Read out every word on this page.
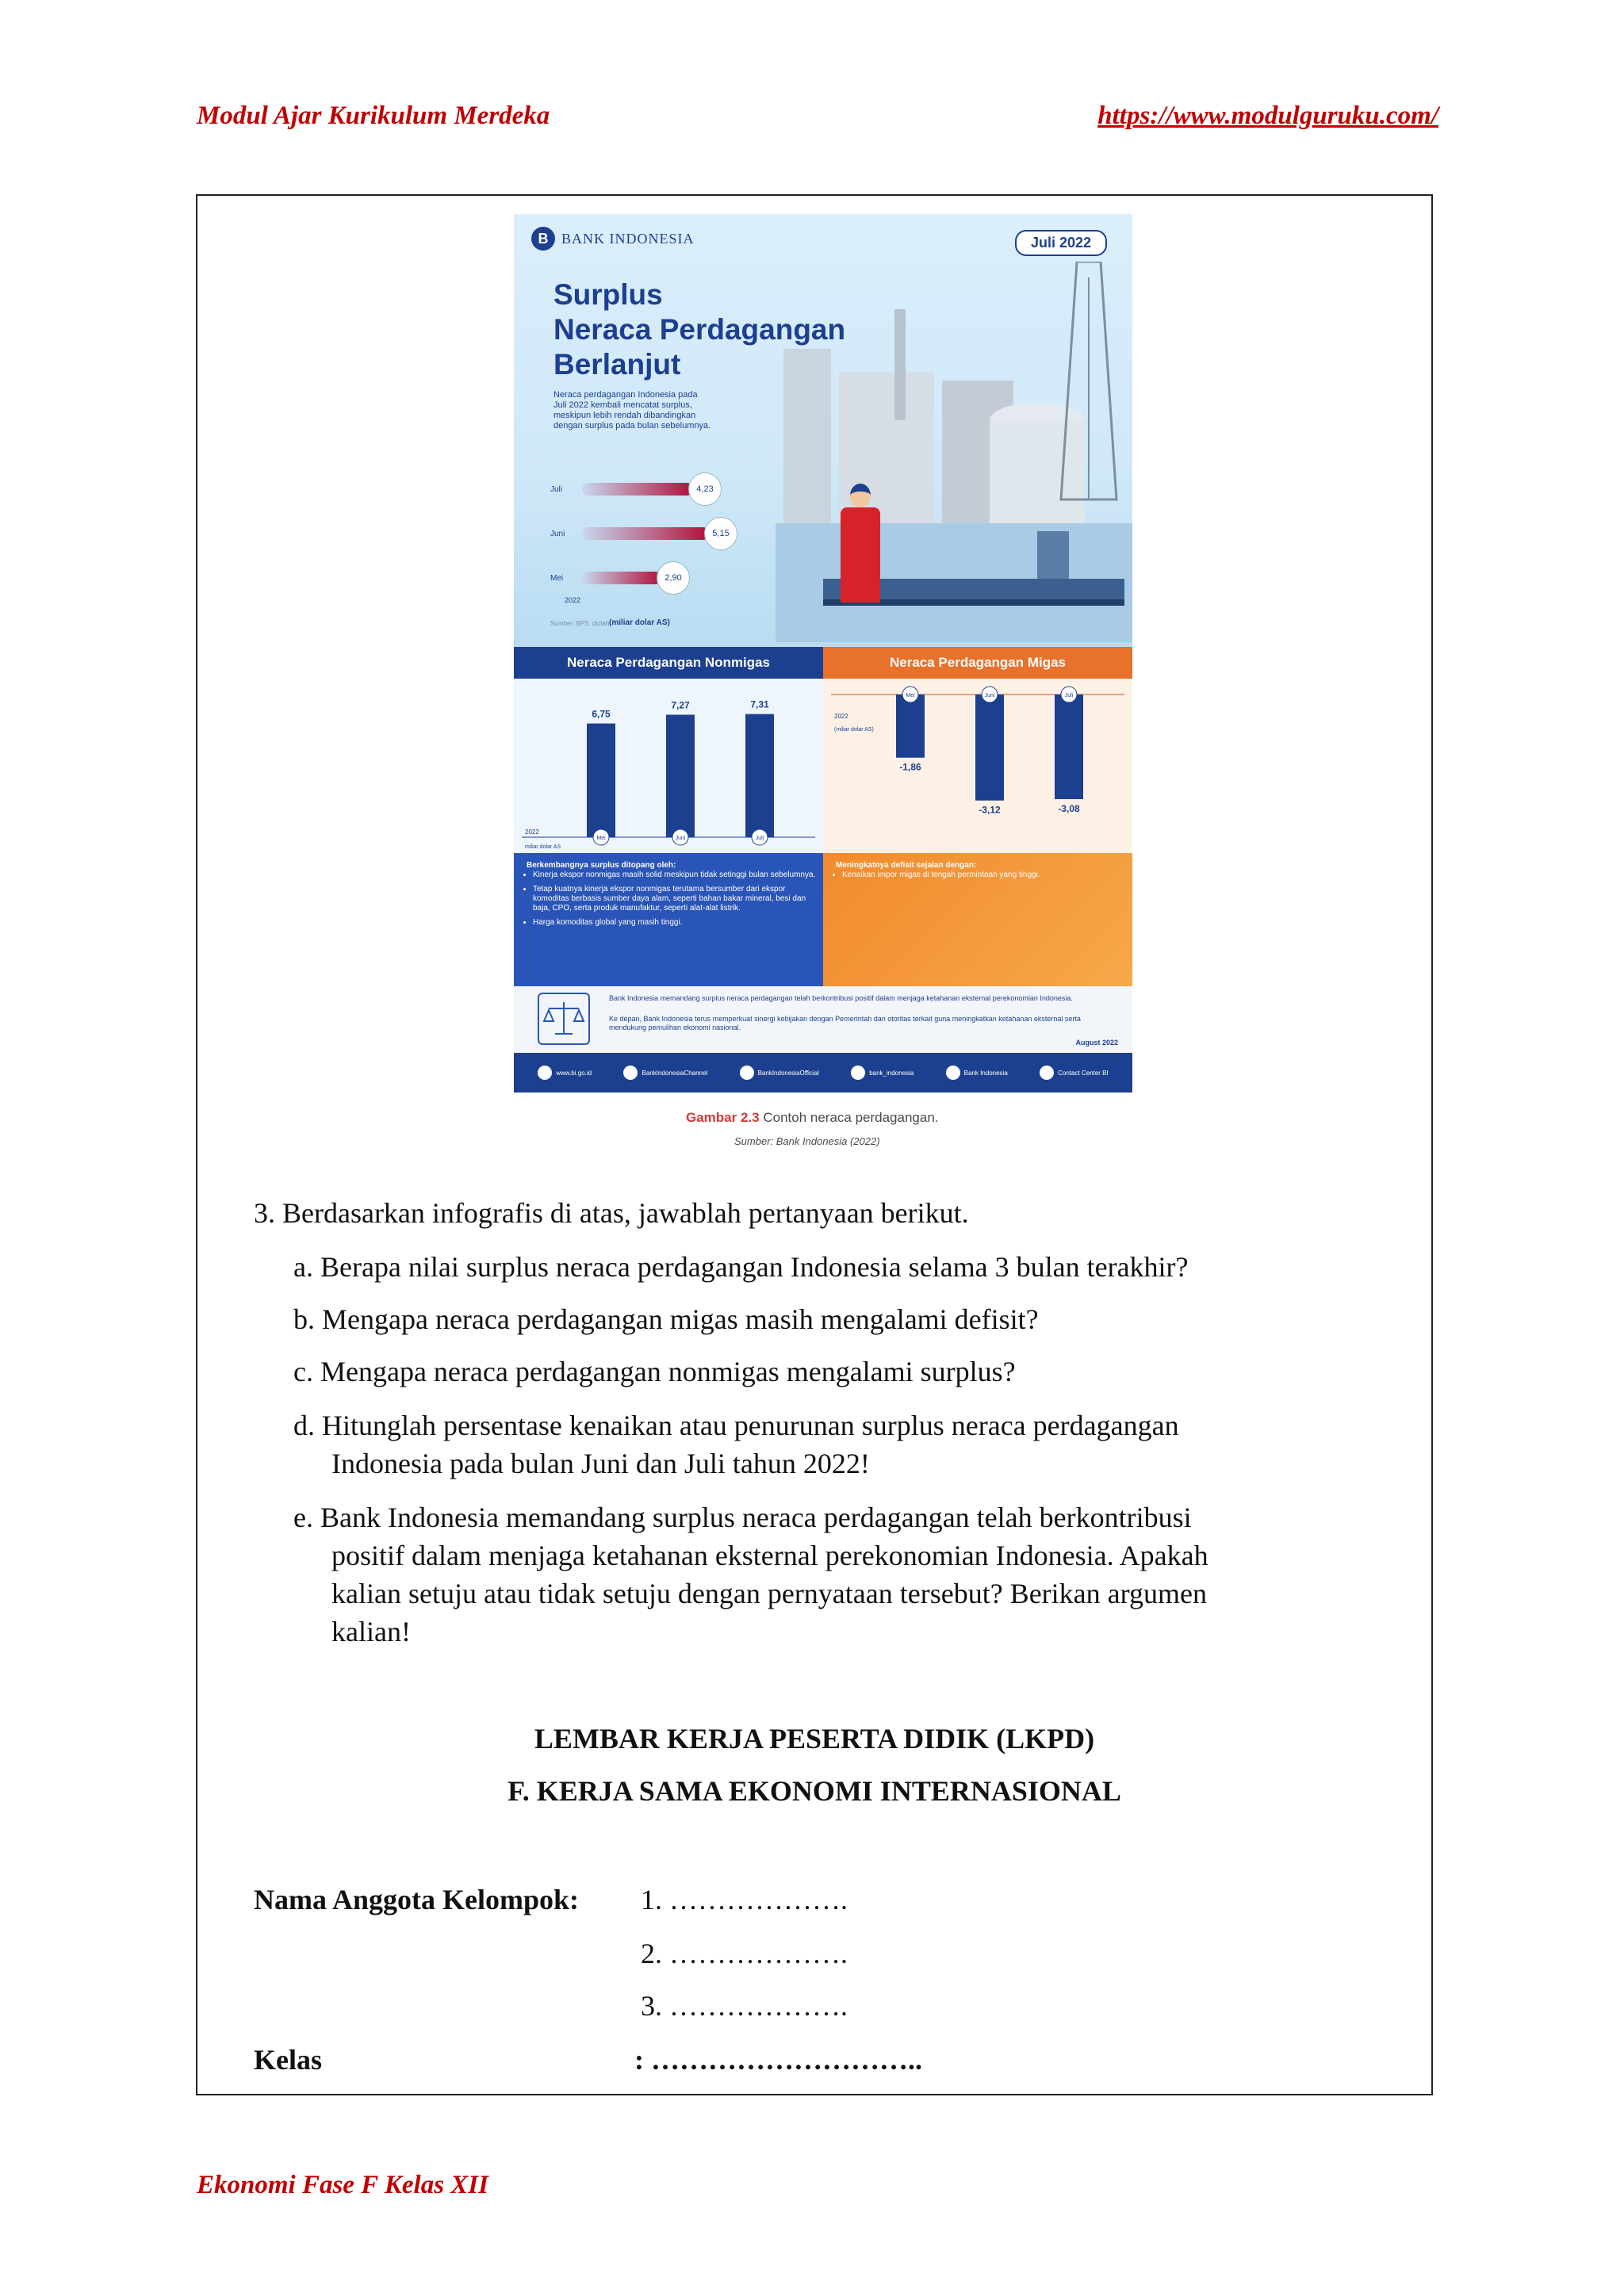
Modul Ajar Kurikulum Merdeka	https://www.modulguruku.com/
B BANK INDONESIA	Juli 2022
Surplus
Neraca Perdagangan
Berlanjut
Neraca perdagangan Indonesia pada Juli 2022 kembali mencatat surplus, meskipun lebih rendah dibandingkan dengan surplus pada bulan sebelumnya.
Juli	4,23
Juni	5,15
Mei	2,90
2022
Sumber: BPS, diolah (miliar dolar AS)
Neraca Perdagangan Nonmigas	Neraca Perdagangan Migas
6,75
Mei
7,27
Juni
7,31
Juli
2022
miliar dolar AS
-1,86
Mei
-3,12
Juni
-3,08
Juli
2022
(miliar dolar AS)
Berkembangnya surplus ditopang oleh:
• Kinerja ekspor nonmigas masih solid meskipun tidak setinggi bulan sebelumnya.
• Tetap kuatnya kinerja ekspor nonmigas terutama bersumber dari ekspor komoditas berbasis sumber daya alam, seperti bahan bakar mineral, besi dan baja, CPO, serta produk manufaktur, seperti alat-alat listrik.
• Harga komoditas global yang masih tinggi.
Meningkatnya defisit sejalan dengan:
• Kenaikan impor migas di tengah permintaan yang tinggi.

Bank Indonesia memandang surplus neraca perdagangan telah berkontribusi positif dalam menjaga ketahanan eksternal perekonomian Indonesia.

Ke depan, Bank Indonesia terus memperkuat sinergi kebijakan dengan Pemerintah dan otoritas terkait guna meningkatkan ketahanan eksternal serta mendukung pemulihan ekonomi nasional.

August 2022
www.bi.go.id	BankIndonesiaChannel	BankIndonesiaOfficial	bank_indonesia	Bank Indonesia	Contact Center BI
Gambar 2.3 Contoh neraca perdagangan.
Sumber: Bank Indonesia (2022)
3. Berdasarkan infografis di atas, jawablah pertanyaan berikut.
a. Berapa nilai surplus neraca perdagangan Indonesia selama 3 bulan terakhir?
b. Mengapa neraca perdagangan migas masih mengalami defisit?
c. Mengapa neraca perdagangan nonmigas mengalami surplus?
d. Hitunglah persentase kenaikan atau penurunan surplus neraca perdagangan
Indonesia pada bulan Juni dan Juli tahun 2022!
e. Bank Indonesia memandang surplus neraca perdagangan telah berkontribusi
positif dalam menjaga ketahanan eksternal perekonomian Indonesia. Apakah
kalian setuju atau tidak setuju dengan pernyataan tersebut? Berikan argumen
kalian!
LEMBAR KERJA PESERTA DIDIK (LKPD)
F. KERJA SAMA EKONOMI INTERNASIONAL
Nama Anggota Kelompok: 1. ……………….
2. ……………….
3. ……………….
Kelas	: ………………………..
Ekonomi Fase F Kelas XII
